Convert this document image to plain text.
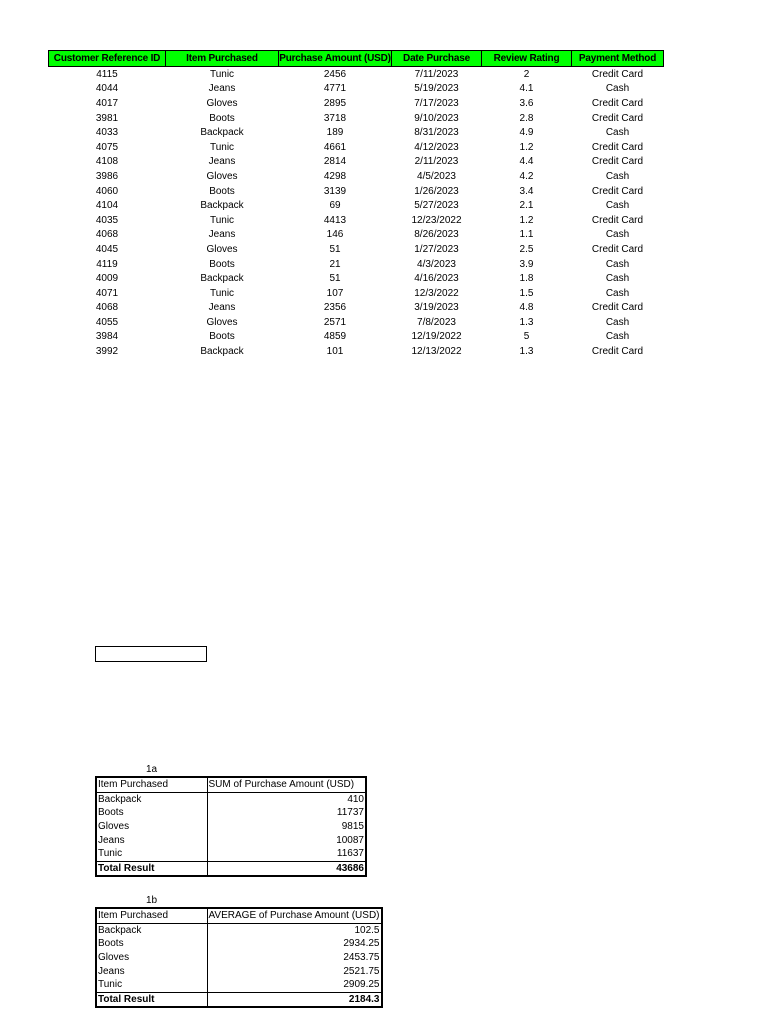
Customer Reference ID	Item Purchased	Purchase Amount (USD)	Date Purchase	Review Rating	Payment Method
4115	Tunic	2456	7/11/2023	2	Credit Card
4044	Jeans	4771	5/19/2023	4.1	Cash
4017	Gloves	2895	7/17/2023	3.6	Credit Card
3981	Boots	3718	9/10/2023	2.8	Credit Card
4033	Backpack	189	8/31/2023	4.9	Cash
4075	Tunic	4661	4/12/2023	1.2	Credit Card
4108	Jeans	2814	2/11/2023	4.4	Credit Card
3986	Gloves	4298	4/5/2023	4.2	Cash
4060	Boots	3139	1/26/2023	3.4	Credit Card
4104	Backpack	69	5/27/2023	2.1	Cash
4035	Tunic	4413	12/23/2022	1.2	Credit Card
4068	Jeans	146	8/26/2023	1.1	Cash
4045	Gloves	51	1/27/2023	2.5	Credit Card
4119	Boots	21	4/3/2023	3.9	Cash
4009	Backpack	51	4/16/2023	1.8	Cash
4071	Tunic	107	12/3/2022	1.5	Cash
4068	Jeans	2356	3/19/2023	4.8	Credit Card
4055	Gloves	2571	7/8/2023	1.3	Cash
3984	Boots	4859	12/19/2022	5	Cash
3992	Backpack	101	12/13/2022	1.3	Credit Card
1a
Item Purchased	SUM of Purchase Amount (USD)
Backpack	410
Boots	11737
Gloves	9815
Jeans	10087
Tunic	11637
Total Result	43686
1b
Item Purchased	AVERAGE of Purchase Amount (USD)
Backpack	102.5
Boots	2934.25
Gloves	2453.75
Jeans	2521.75
Tunic	2909.25
Total Result	2184.3
